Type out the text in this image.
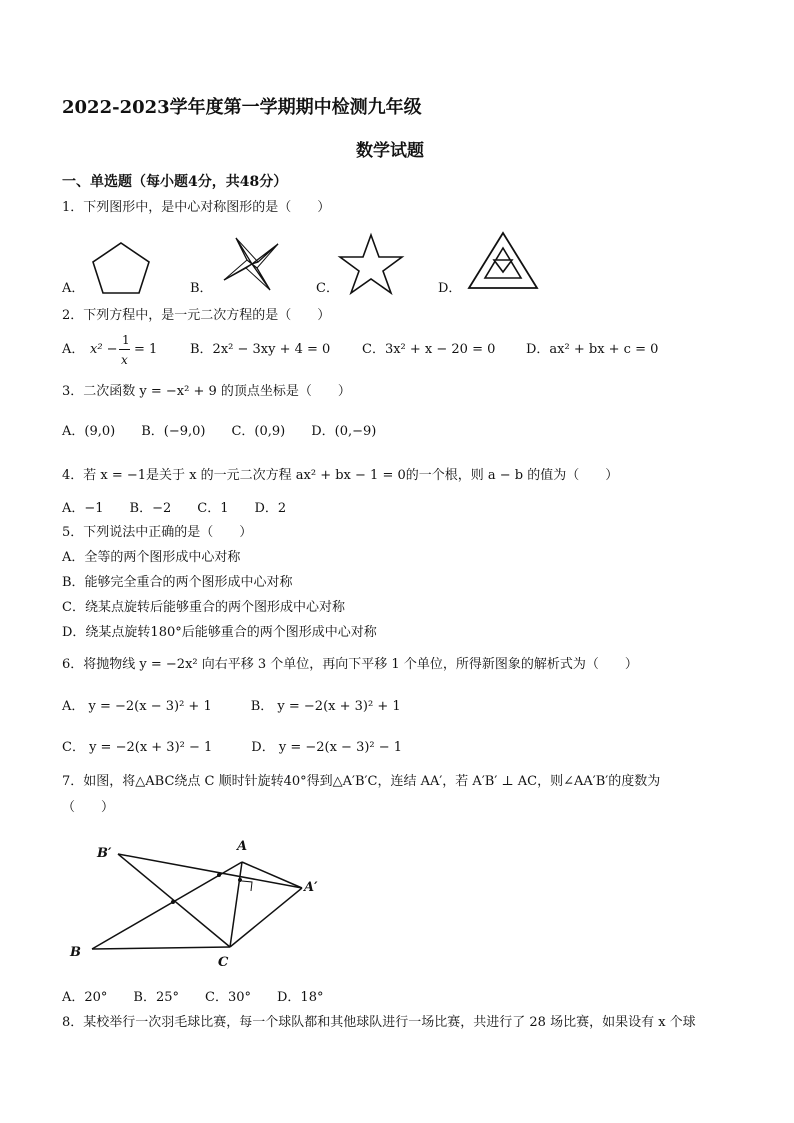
2022-2023学年度第一学期期中检测九年级
数学试题
一、单选题（每小题4分，共48分）
1．下列图形中，是中心对称图形的是（　　）
A．	B．	C．	D．
2．下列方程中，是一元二次方程的是（　　）
A． x² −
1
x
= 1	B．2x² − 3xy + 4 = 0 C．3x² + x − 20 = 0 D．ax² + bx + c = 0
3．二次函数 y = −x² + 9 的顶点坐标是（　　）
A．(9,0)　　B．(−9,0)　　C．(0,9)　　D．(0,−9)
4．若 x = −1是关于 x 的一元二次方程 ax² + bx − 1 = 0的一个根，则 a − b 的值为（　　）
A．−1　　B．−2　　C．1　　D．2
5．下列说法中正确的是（　　）
A．全等的两个图形成中心对称
B．能够完全重合的两个图形成中心对称
C．绕某点旋转后能够重合的两个图形成中心对称
D．绕某点旋转180°后能够重合的两个图形成中心对称
6．将抛物线 y = −2x² 向右平移 3 个单位，再向下平移 1 个单位，所得新图象的解析式为（　　）
A． y = −2(x − 3)² + 1　　　B． y = −2(x + 3)² + 1
C． y = −2(x + 3)² − 1　　　D． y = −2(x − 3)² − 1
7．如图，将△ABC绕点 C 顺时针旋转40°得到△A′B′C，连结 AA′，若 A′B′ ⊥ AC，则∠AA′B′的度数为
（　　）
B′	A
A′
B
C
A．20°　　B．25°　　C．30°　　D．18°
8．某校举行一次羽毛球比赛，每一个球队都和其他球队进行一场比赛，共进行了 28 场比赛，如果设有 x 个球
